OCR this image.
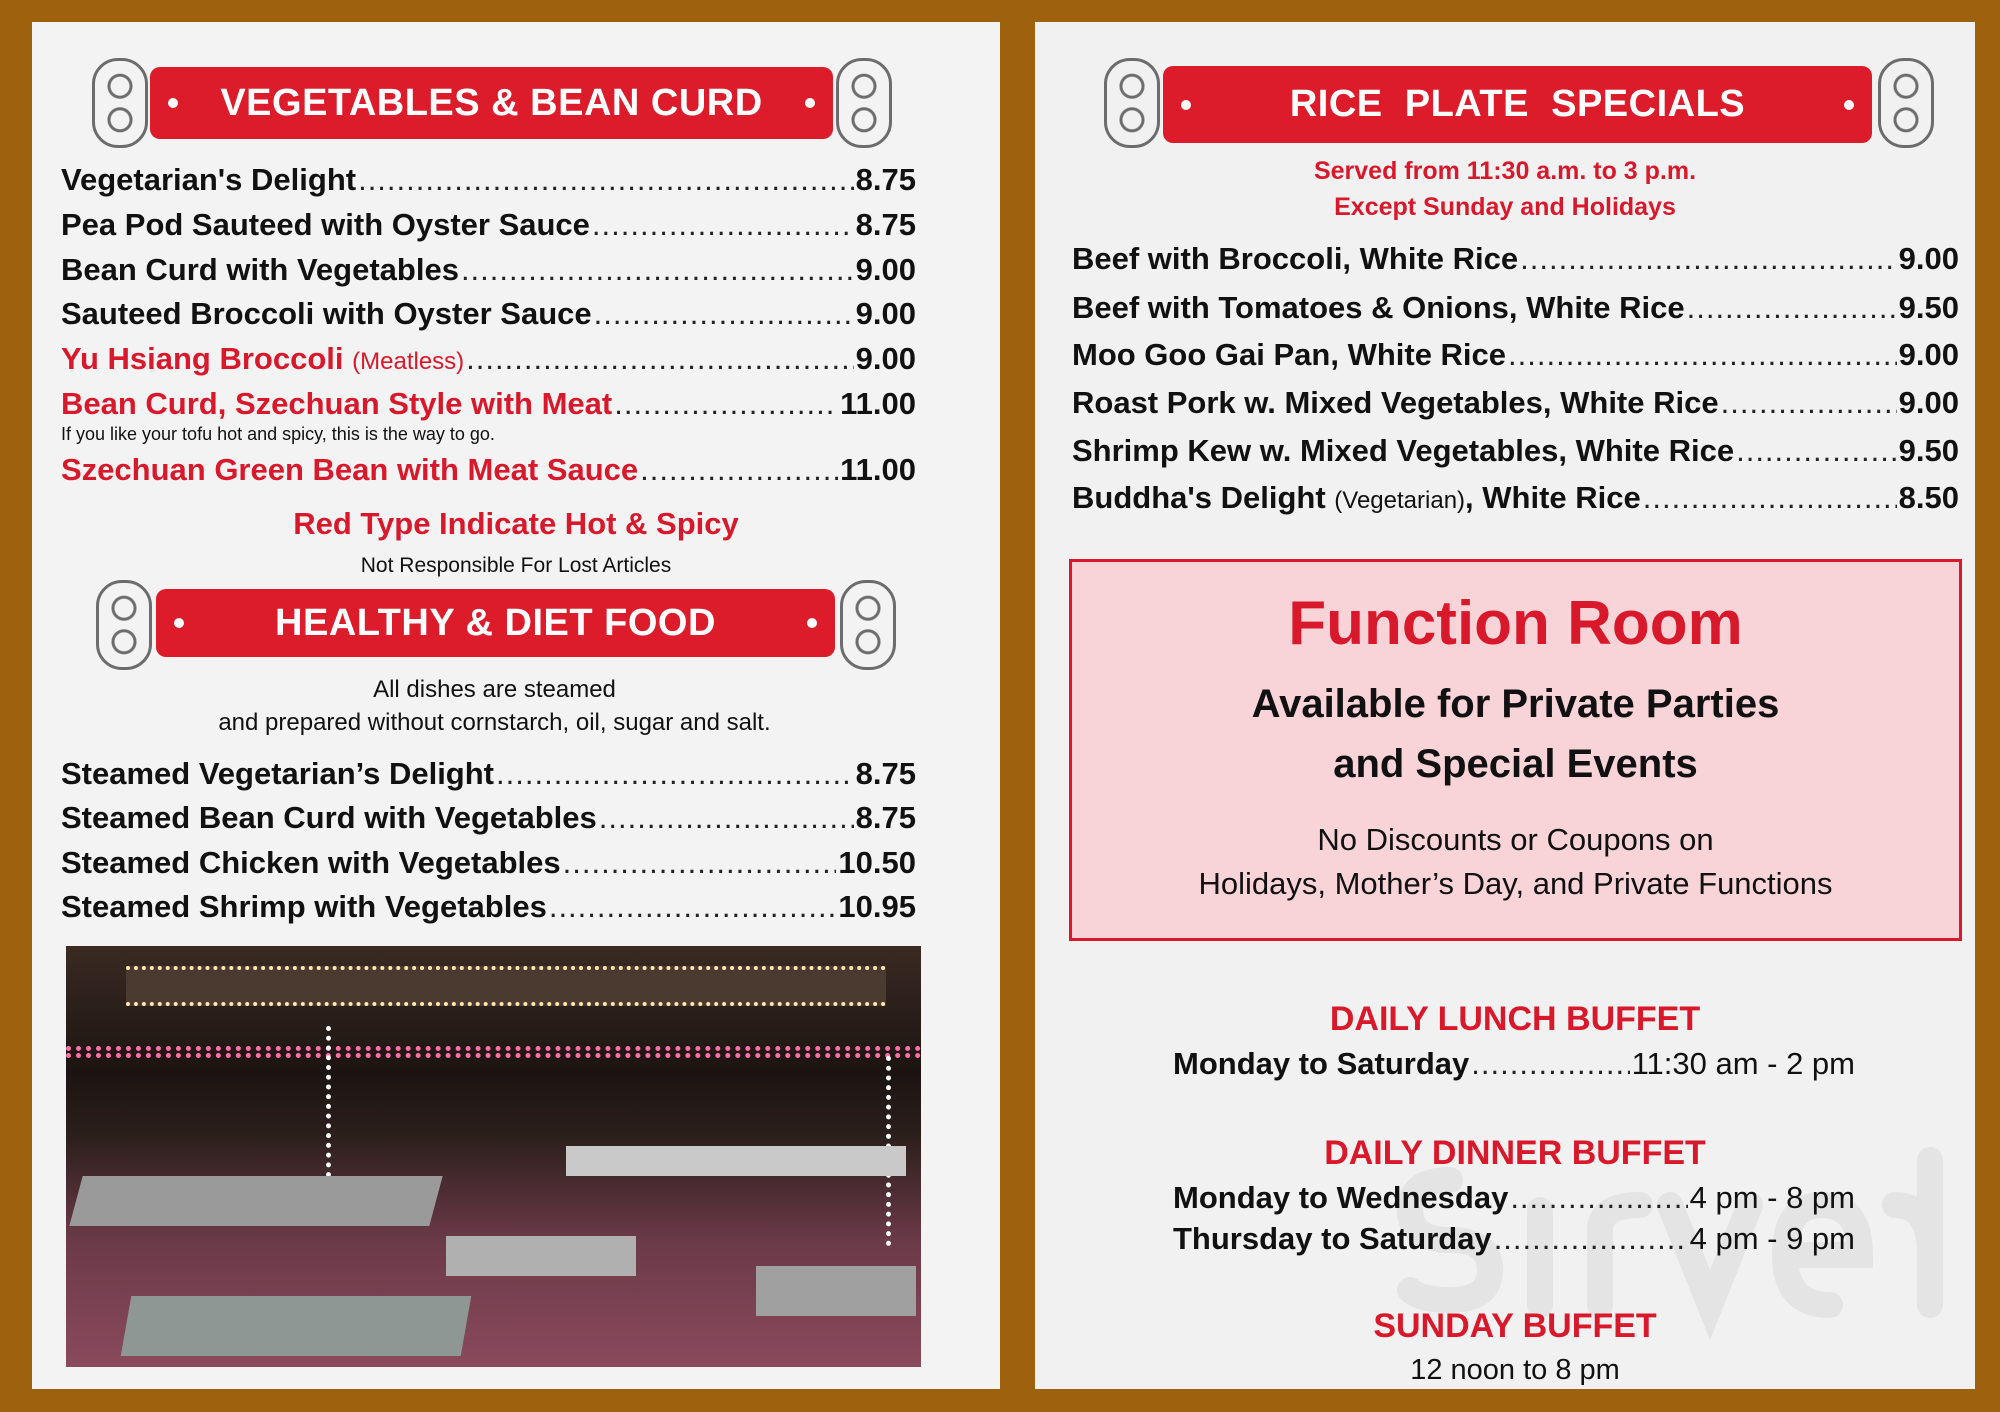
VEGETABLES & BEAN CURD
Vegetarian's Delight .....	8.75
Pea Pod Sauteed with Oyster Sauce .....	8.75
Bean Curd with Vegetables .....	9.00
Sauteed Broccoli with Oyster Sauce .....	9.00
Yu Hsiang Broccoli
(Meatless) .....	9.00
Bean Curd, Szechuan Style with Meat .....	11.00
If you like your tofu hot and spicy, this is the way to go.
Szechuan Green Bean with Meat Sauce .....	11.00
Red Type Indicate Hot & Spicy
Not Responsible For Lost Articles
HEALTHY & DIET FOOD
All dishes are steamed
and prepared without cornstarch, oil, sugar and salt.
Steamed Vegetarian’s Delight .....	8.75
Steamed Bean Curd with Vegetables .....	8.75
Steamed Chicken with Vegetables .....	10.50
Steamed Shrimp with Vegetables .....	10.95
RICE  PLATE  SPECIALS
Served from 11:30 a.m. to 3 p.m.
Except Sunday and Holidays
Beef with Broccoli, White Rice .....	9.00
Beef with Tomatoes & Onions, White Rice .....	9.50
Moo Goo Gai Pan, White Rice .....	9.00
Roast Pork w. Mixed Vegetables, White Rice .....	9.00
Shrimp Kew w. Mixed Vegetables, White Rice .....	9.50
Buddha's Delight
(Vegetarian) , White Rice .....	8.50
Function Room
Available for Private Parties
and Special Events
No Discounts or Coupons on
Holidays, Mother’s Day, and Private Functions
DAILY LUNCH BUFFET
Monday to Saturday .....	11:30 am - 2 pm
DAILY DINNER BUFFET
Monday to Wednesday .....	4 pm - 8 pm
Thursday to Saturday .....	4 pm - 9 pm
SUNDAY BUFFET
12 noon to 8 pm
